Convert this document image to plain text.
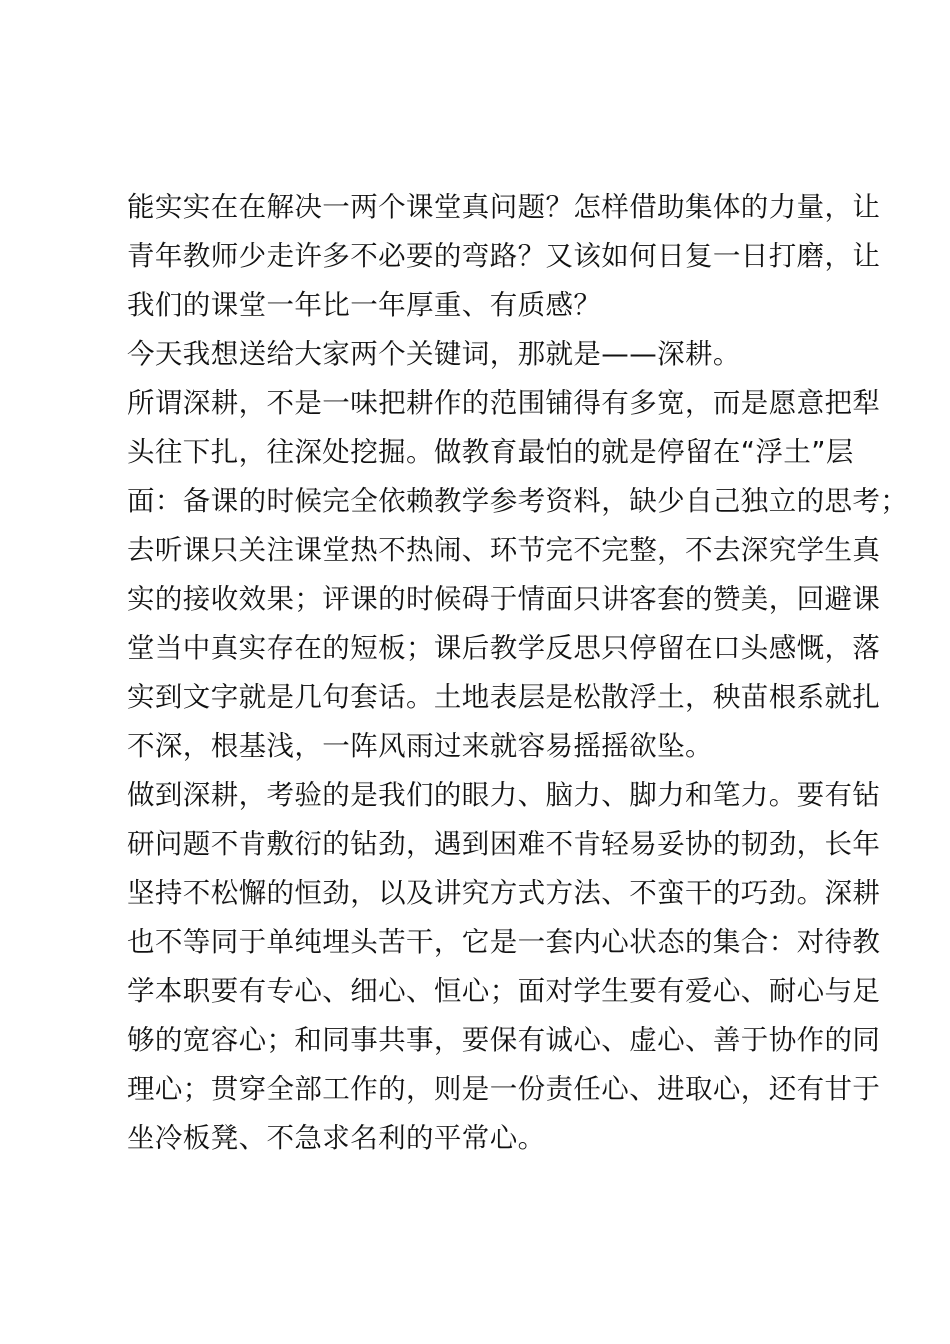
能实实在在解决一两个课堂真问题？怎样借助集体的力量，让
青年教师少走许多不必要的弯路？又该如何日复一日打磨，让
我们的课堂一年比一年厚重、有质感？
今天我想送给大家两个关键词，那就是——深耕。
所谓深耕，不是一味把耕作的范围铺得有多宽，而是愿意把犁
头往下扎，往深处挖掘。做教育最怕的就是停留在“浮土”层
面：备课的时候完全依赖教学参考资料，缺少自己独立的思考；
去听课只关注课堂热不热闹、环节完不完整，不去深究学生真
实的接收效果；评课的时候碍于情面只讲客套的赞美，回避课
堂当中真实存在的短板；课后教学反思只停留在口头感慨，落
实到文字就是几句套话。土地表层是松散浮土，秧苗根系就扎
不深，根基浅，一阵风雨过来就容易摇摇欲坠。
做到深耕，考验的是我们的眼力、脑力、脚力和笔力。要有钻
研问题不肯敷衍的钻劲，遇到困难不肯轻易妥协的韧劲，长年
坚持不松懈的恒劲，以及讲究方式方法、不蛮干的巧劲。深耕
也不等同于单纯埋头苦干，它是一套内心状态的集合：对待教
学本职要有专心、细心、恒心；面对学生要有爱心、耐心与足
够的宽容心；和同事共事，要保有诚心、虚心、善于协作的同
理心；贯穿全部工作的，则是一份责任心、进取心，还有甘于
坐冷板凳、不急求名利的平常心。
